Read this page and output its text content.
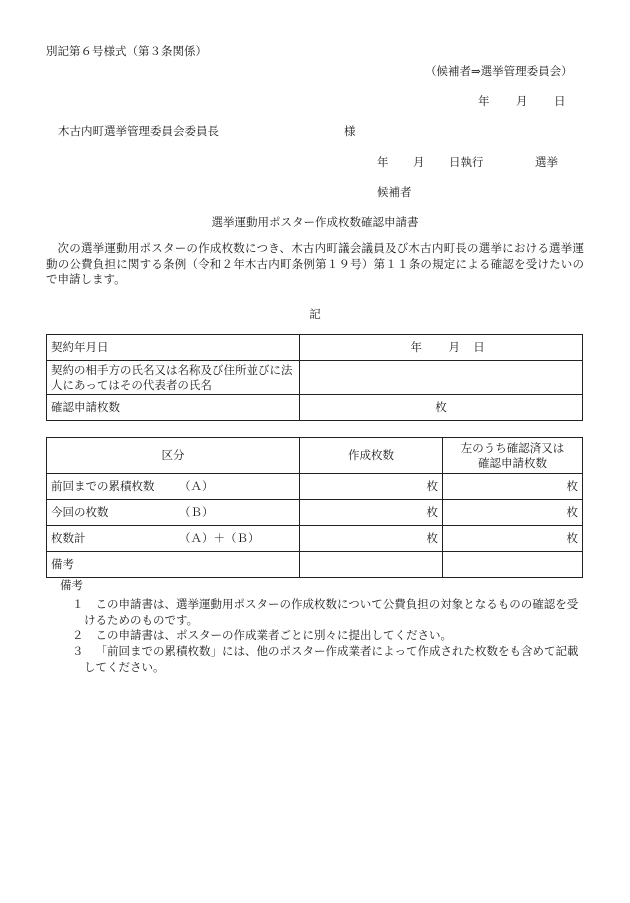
別記第６号様式（第３条関係）
（候補者⇒選挙管理委員会）
年 月 日
木古内町選挙管理委員会委員長	様
年 月 日執行	選挙
候補者
選挙運動用ポスター作成枚数確認申請書
次の選挙運動用ポスターの作成枚数につき、木古内町議会議員及び木古内町長の選挙における選挙運動の公費負担に関する条例（令和２年木古内町条例第１９号）第１１条の規定による確認を受けたいので申請します。
記
契約年月日	年 月 日
契約の相手方の氏名又は名称及び住所並びに法人にあってはその代表者の氏名	
確認申請枚数	枚
区分	作成枚数	左のうち確認済又は
確認申請枚数
前回までの累積枚数 （Ａ）	枚	枚
今回の枚数 （Ｂ）	枚	枚
枚数計 （Ａ）＋（Ｂ）	枚	枚
備考		
備考
１	この申請書は、選挙運動用ポスターの作成枚数について公費負担の対象となるものの確認を受けるためのものです。
２	この申請書は、ポスターの作成業者ごとに別々に提出してください。
３	「前回までの累積枚数」には、他のポスター作成業者によって作成された枚数をも含めて記載してください。
